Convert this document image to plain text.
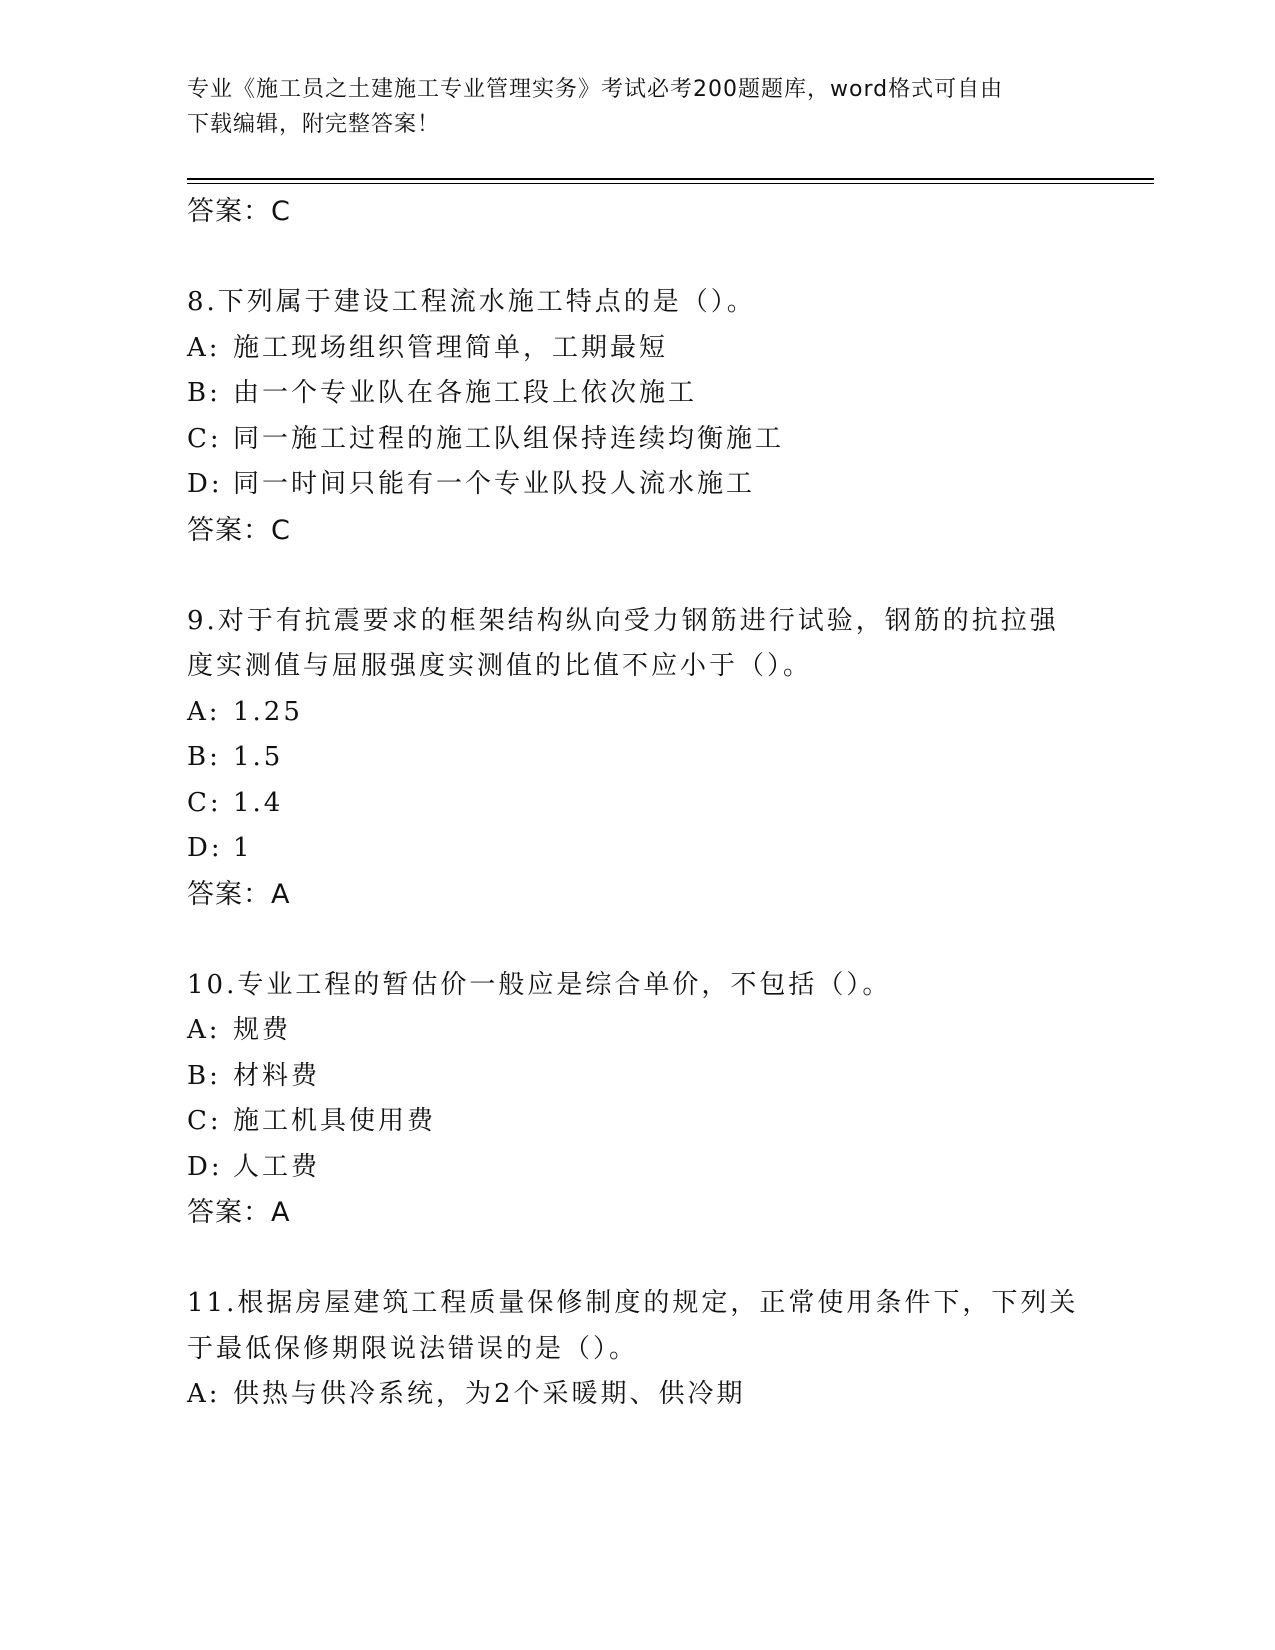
专业《施工员之土建施工专业管理实务》考试必考200题题库，word格式可自由
下载编辑，附完整答案！
答案：C
8.下列属于建设工程流水施工特点的是（）。
A: 施工现场组织管理简单，工期最短
B: 由一个专业队在各施工段上依次施工
C: 同一施工过程的施工队组保持连续均衡施工
D: 同一时间只能有一个专业队投人流水施工
答案：C
9.对于有抗震要求的框架结构纵向受力钢筋进行试验，钢筋的抗拉强
度实测值与屈服强度实测值的比值不应小于（）。
A: 1.25
B: 1.5
C: 1.4
D: 1
答案：A
10.专业工程的暂估价一般应是综合单价，不包括（）。
A: 规费
B: 材料费
C: 施工机具使用费
D: 人工费
答案：A
11.根据房屋建筑工程质量保修制度的规定，正常使用条件下，下列关
于最低保修期限说法错误的是（）。
A: 供热与供冷系统，为2个采暖期、供冷期
